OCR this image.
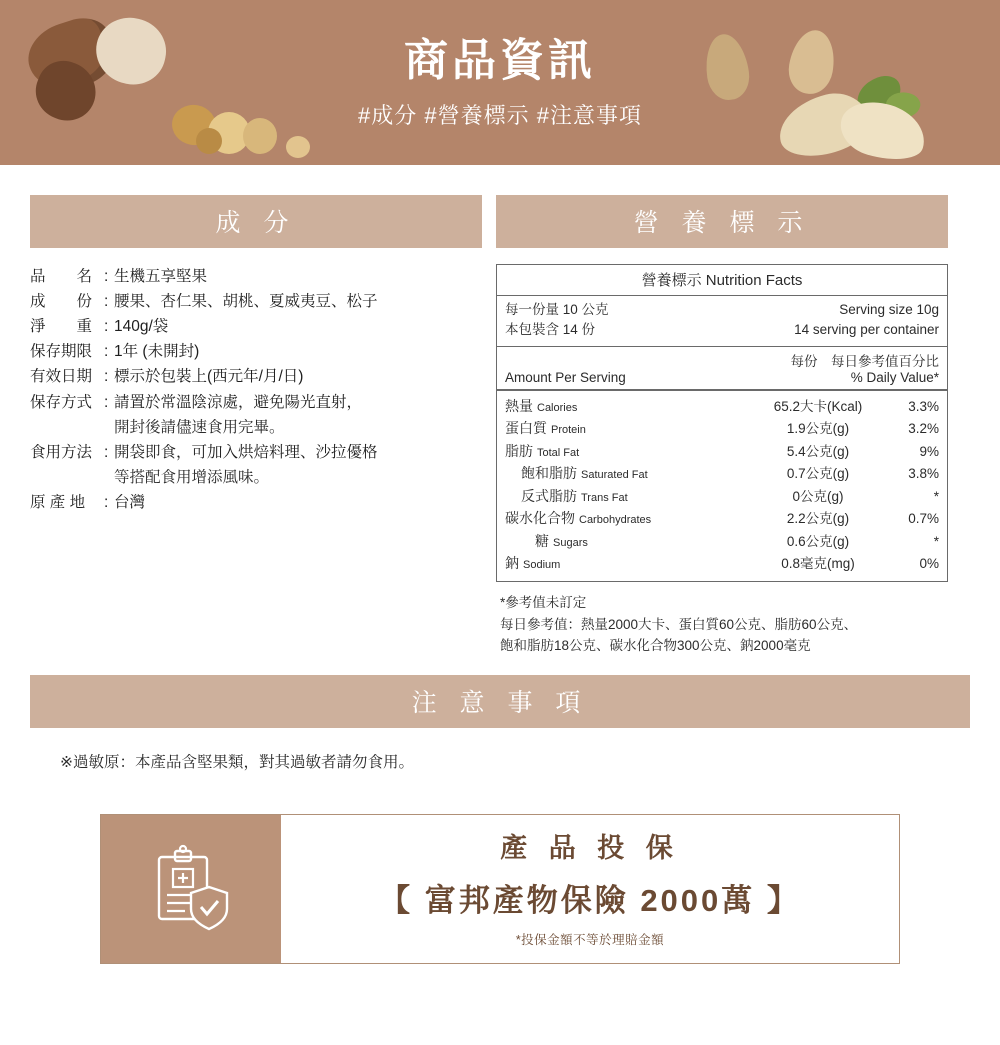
商品資訊
#成分 #營養標示 #注意事項
成 分	營 養 標 示
品　　名 : 生機五享堅果
成　　份 : 腰果、杏仁果、胡桃、夏威夷豆、松子
淨　　重 : 140g/袋
保存期限 : 1年 (未開封)
有效日期 : 標示於包裝上(西元年/月/日)
保存方式 : 請置於常溫陰涼處，避免陽光直射，
開封後請儘速食用完畢。
食用方法 : 開袋即食，可加入烘焙料理、沙拉優格
等搭配食用增添風味。
原 產 地	: 台灣
營養標示 Nutrition Facts
每一份量 10 公克	Serving size 10g
本包裝含 14 份	14 serving per container
每份　每日參考值百分比
Amount Per Serving	% Daily Value*
熱量 Calories	65.2大卡(Kcal)	3.3%
蛋白質 Protein	1.9公克(g)	3.2%
脂肪 Total Fat	5.4公克(g)	9%
飽和脂肪 Saturated Fat	0.7公克(g)	3.8%
反式脂肪 Trans Fat	0公克(g)	*
碳水化合物 Carbohydrates	2.2公克(g)	0.7%
糖 Sugars	0.6公克(g)	*
鈉 Sodium	0.8毫克(mg)	0%
*參考值未訂定
每日參考值：熱量2000大卡、蛋白質60公克、脂肪60公克、
飽和脂肪18公克、碳水化合物300公克、鈉2000毫克
注 意 事 項
※過敏原：本產品含堅果類，對其過敏者請勿食用。
產 品 投 保
【 富邦產物保險 2000萬 】
*投保金額不等於理賠金額
